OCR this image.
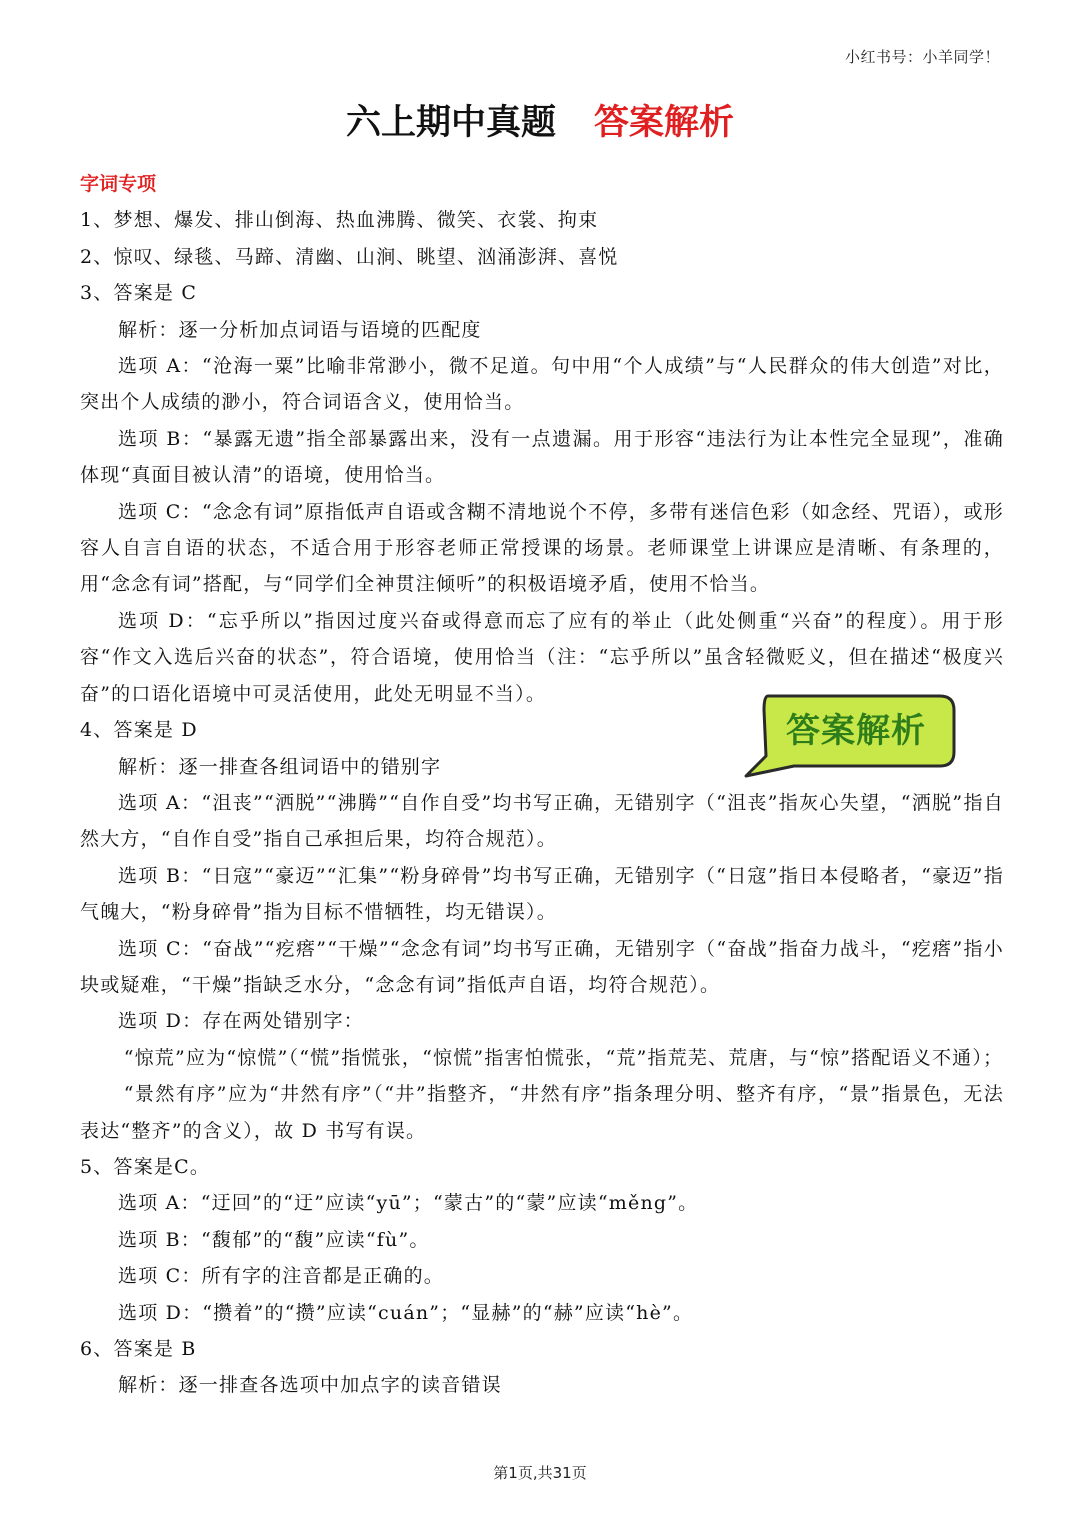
小红书号：小羊同学！
六上期中真题 答案解析

字词专项

1、梦想、爆发、排山倒海、热血沸腾、微笑、衣裳、拘束

2、惊叹、绿毯、马蹄、清幽、山涧、眺望、汹涌澎湃、喜悦

3、答案是 C

解析：逐一分析加点词语与语境的匹配度

选项 A：“沧海一粟”比喻非常渺小，微不足道。句中用“个人成绩”与“人民群众的伟大创造”对比，突出个人成绩的渺小，符合词语含义，使用恰当。

选项 B：“暴露无遗”指全部暴露出来，没有一点遗漏。用于形容“违法行为让本性完全显现”，准确体现“真面目被认清”的语境，使用恰当。

选项 C：“念念有词”原指低声自语或含糊不清地说个不停，多带有迷信色彩（如念经、咒语），或形容人自言自语的状态，不适合用于形容老师正常授课的场景。老师课堂上讲课应是清晰、有条理的，用“念念有词”搭配，与“同学们全神贯注倾听”的积极语境矛盾，使用不恰当。

选项 D：“忘乎所以”指因过度兴奋或得意而忘了应有的举止（此处侧重“兴奋”的程度）。用于形容“作文入选后兴奋的状态”，符合语境，使用恰当（注：“忘乎所以”虽含轻微贬义，但在描述“极度兴奋”的口语化语境中可灵活使用，此处无明显不当）。

4、答案是 D

解析：逐一排查各组词语中的错别字

选项 A：“沮丧”“洒脱”“沸腾”“自作自受”均书写正确，无错别字（“沮丧”指灰心失望，“洒脱”指自然大方，“自作自受”指自己承担后果，均符合规范）。

选项 B：“日寇”“豪迈”“汇集”“粉身碎骨”均书写正确，无错别字（“日寇”指日本侵略者，“豪迈”指气魄大，“粉身碎骨”指为目标不惜牺牲，均无错误）。

选项 C：“奋战”“疙瘩”“干燥”“念念有词”均书写正确，无错别字（“奋战”指奋力战斗，“疙瘩”指小块或疑难，“干燥”指缺乏水分，“念念有词”指低声自语，均符合规范）。

选项 D：存在两处错别字：

“惊荒”应为“惊慌”（“慌”指慌张，“惊慌”指害怕慌张，“荒”指荒芜、荒唐，与“惊”搭配语义不通）；

“景然有序”应为“井然有序”（“井”指整齐，“井然有序”指条理分明、整齐有序，“景”指景色，无法表达“整齐”的含义），故 D 书写有误。

5、答案是C。

选项 A：“迂回”的“迂”应读“yū”；“蒙古”的“蒙”应读“měng”。

选项 B：“馥郁”的“馥”应读“fù”。

选项 C：所有字的注音都是正确的。

选项 D：“攒着”的“攒”应读“cuán”；“显赫”的“赫”应读“hè”。

6、答案是 B

解析：逐一排查各选项中加点字的读音错误

答案解析
第1页,共31页
